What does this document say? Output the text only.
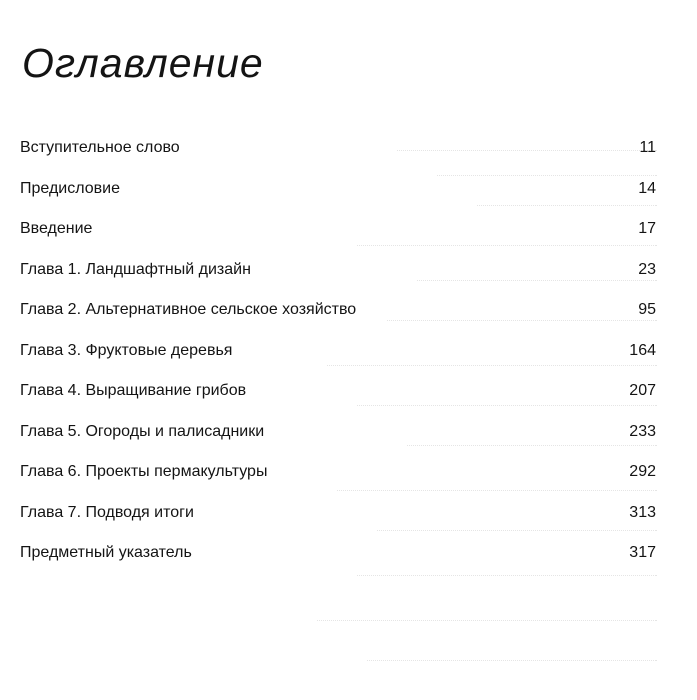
Оглавление
Вступительное слово	11
Предисловие	14
Введение	17
Глава 1. Ландшафтный дизайн	23
Глава 2. Альтернативное сельское хозяйство	95
Глава 3. Фруктовые деревья	164
Глава 4. Выращивание грибов	207
Глава 5. Огороды и палисадники	233
Глава 6. Проекты пермакультуры	292
Глава 7. Подводя итоги	313
Предметный указатель	317
